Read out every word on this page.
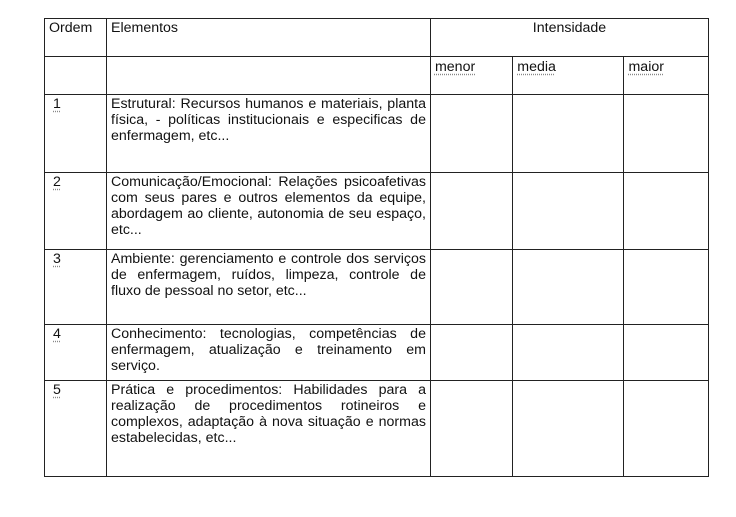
Ordem	Elementos	Intensidade		
		menor	media	maior
1	Estrutural: Recursos humanos e materiais, planta física, - políticas institucionais e especificas de enfermagem, etc...			
2	Comunicação/Emocional: Relações psicoafetivas com seus pares e outros elementos da equipe, abordagem ao cliente, autonomia de seu espaço, etc...			
3	Ambiente: gerenciamento e controle dos serviços de enfermagem, ruídos, limpeza, controle de fluxo de pessoal no setor, etc...			
4	Conhecimento: tecnologias, competências de enfermagem, atualização e treinamento em serviço.			
5	Prática e procedimentos: Habilidades para a realização de procedimentos rotineiros e complexos, adaptação à nova situação e normas estabelecidas, etc...			
